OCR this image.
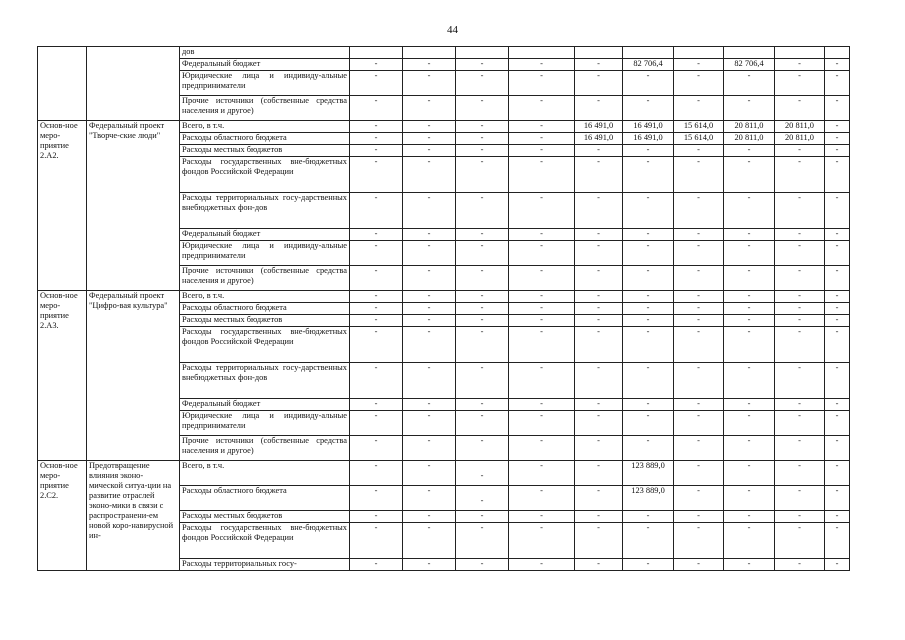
44
		дов										
		Федеральный бюджет	-	-	-	-	-	82 706,4	-	82 706,4	-	-
		Юридические лица и индивиду-альные предприниматели	-	-	-	-	-	-	-	-	-	-
		Прочие источники (собственные средства населения и другое)	-	-	-	-	-	-	-	-	-	-
Основ-ное меро-приятие 2.А2.	Федеральный проект "Творче-ские люди"	Всего, в т.ч.	-	-	-	-	16 491,0	16 491,0	15 614,0	20 811,0	20 811,0	-
		Расходы областного бюджета	-	-	-	-	16 491,0	16 491,0	15 614,0	20 811,0	20 811,0	-
		Расходы местных бюджетов	-	-	-	-	-	-	-	-	-	-
		Расходы государственных вне-бюджетных фондов Российской Федерации	-	-	-	-	-	-	-	-	-	-
		Расходы территориальных госу-дарственных внебюджетных фон-дов	-	-	-	-	-	-	-	-	-	-
		Федеральный бюджет	-	-	-	-	-	-	-	-	-	-
		Юридические лица и индивиду-альные предприниматели	-	-	-	-	-	-	-	-	-	-
		Прочие источники (собственные средства населения и другое)	-	-	-	-	-	-	-	-	-	-
Основ-ное меро-приятие 2.А3.	Федеральный проект "Цифро-вая культура"	Всего, в т.ч.	-	-	-	-	-	-	-	-	-	-
		Расходы областного бюджета	-	-	-	-	-	-	-	-	-	-
		Расходы местных бюджетов	-	-	-	-	-	-	-	-	-	-
		Расходы государственных вне-бюджетных фондов Российской Федерации	-	-	-	-	-	-	-	-	-	-
		Расходы территориальных госу-дарственных внебюджетных фон-дов	-	-	-	-	-	-	-	-	-	-
		Федеральный бюджет	-	-	-	-	-	-	-	-	-	-
		Юридические лица и индивиду-альные предприниматели	-	-	-	-	-	-	-	-	-	-
		Прочие источники (собственные средства населения и другое)	-	-	-	-	-	-	-	-	-	-
Основ-ное меро-приятие 2.С2.	Предотвращение влияния эконо-мической ситуа-ции на развитие отраслей эконо-мики в связи с распространени-ем новой коро-навирусной ин-	Всего, в т.ч.	-	-	-	-	-	123 889,0	-	-	-	-
		Расходы областного бюджета	-	-	-	-	-	123 889,0	-	-	-	-
		Расходы местных бюджетов	-	-	-	-	-	-	-	-	-	-
		Расходы государственных вне-бюджетных фондов Российской Федерации	-	-	-	-	-	-	-	-	-	-
		Расходы территориальных госу-	-	-	-	-	-	-	-	-	-	-
